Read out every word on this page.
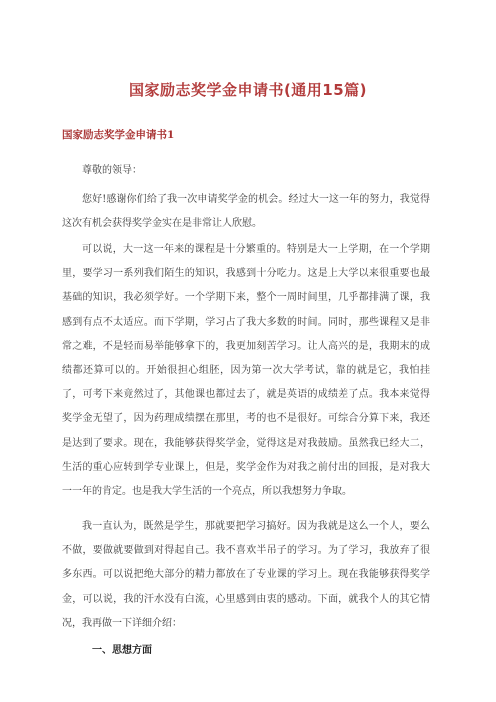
国家励志奖学金申请书(通用15篇)
国家励志奖学金申请书1

尊敬的领导：

您好!感谢你们给了我一次申请奖学金的机会。经过大一这一年的努力，我觉得这次有机会获得奖学金实在是非常让人欣慰。

可以说，大一这一年来的课程是十分繁重的。特别是大一上学期，在一个学期里，要学习一系列我们陌生的知识，我感到十分吃力。这是上大学以来很重要也最基础的知识，我必须学好。一个学期下来，整个一周时间里，几乎都排满了课，我感到有点不太适应。而下学期，学习占了我大多数的时间。同时，那些课程又是非常之难，不是轻而易举能够拿下的，我更加刻苦学习。让人高兴的是，我期末的成绩都还算可以的。开始很担心组胚，因为第一次大学考试，靠的就是它，我怕挂了，可考下来竟然过了，其他课也都过去了，就是英语的成绩差了点。我本来觉得奖学金无望了，因为药理成绩摆在那里，考的也不是很好。可综合分算下来，我还是达到了要求。现在，我能够获得奖学金，觉得这是对我鼓励。虽然我已经大二，生活的重心应转到学专业课上，但是，奖学金作为对我之前付出的回报，是对我大一一年的肯定。也是我大学生活的一个亮点，所以我想努力争取。

我一直认为，既然是学生，那就要把学习搞好。因为我就是这么一个人，要么不做，要做就要做到对得起自己。我不喜欢半吊子的学习。为了学习，我放弃了很多东西。可以说把绝大部分的精力都放在了专业课的学习上。现在我能够获得奖学金，可以说，我的汗水没有白流，心里感到由衷的感动。下面，就我个人的其它情况，我再做一下详细介绍：

一、思想方面
